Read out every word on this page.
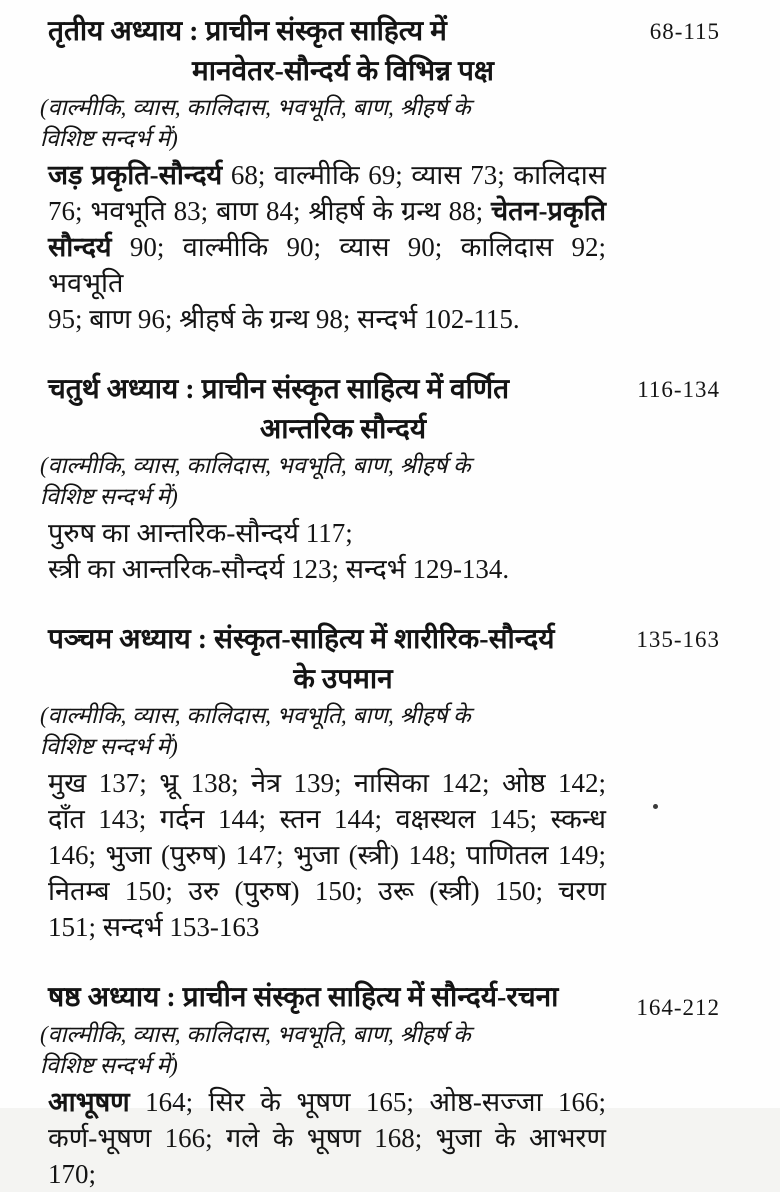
तृतीय अध्याय : प्राचीन संस्कृत साहित्य में
मानवेतर-सौन्दर्य के विभिन्न पक्ष
68-115
(वाल्मीकि, व्यास, कालिदास, भवभूति, बाण, श्रीहर्ष के
विशिष्ट सन्दर्भ में)
जड़ प्रकृति-सौन्दर्य 68; वाल्मीकि 69; व्यास 73; कालिदास
76; भवभूति 83; बाण 84; श्रीहर्ष के ग्रन्थ 88; चेतन-प्रकृति
सौन्दर्य 90; वाल्मीकि 90; व्यास 90; कालिदास 92; भवभूति
95; बाण 96; श्रीहर्ष के ग्रन्थ 98; सन्दर्भ 102-115.
चतुर्थ अध्याय : प्राचीन संस्कृत साहित्य में वर्णित
आन्तरिक सौन्दर्य
116-134
(वाल्मीकि, व्यास, कालिदास, भवभूति, बाण, श्रीहर्ष के
विशिष्ट सन्दर्भ में)
पुरुष का आन्तरिक-सौन्दर्य 117;
स्त्री का आन्तरिक-सौन्दर्य 123; सन्दर्भ 129-134.
पञ्चम अध्याय : संस्कृत-साहित्य में शारीरिक-सौन्दर्य
के उपमान
135-163
(वाल्मीकि, व्यास, कालिदास, भवभूति, बाण, श्रीहर्ष के
विशिष्ट सन्दर्भ में)
मुख 137; भ्रू 138; नेत्र 139; नासिका 142; ओष्ठ 142;
दाँत 143; गर्दन 144; स्तन 144; वक्षस्थल 145; स्कन्ध
146; भुजा (पुरुष) 147; भुजा (स्त्री) 148; पाणितल 149;
नितम्ब 150; उरु (पुरुष) 150; उरू (स्त्री) 150; चरण
151; सन्दर्भ 153-163
षष्ठ अध्याय : प्राचीन संस्कृत साहित्य में सौन्दर्य-रचना	164-212
(वाल्मीकि, व्यास, कालिदास, भवभूति, बाण, श्रीहर्ष के
विशिष्ट सन्दर्भ में)
आभूषण 164; सिर के भूषण 165; ओष्ठ-सज्जा 166;
कर्ण-भूषण 166; गले के भूषण 168; भुजा के आभरण 170;
